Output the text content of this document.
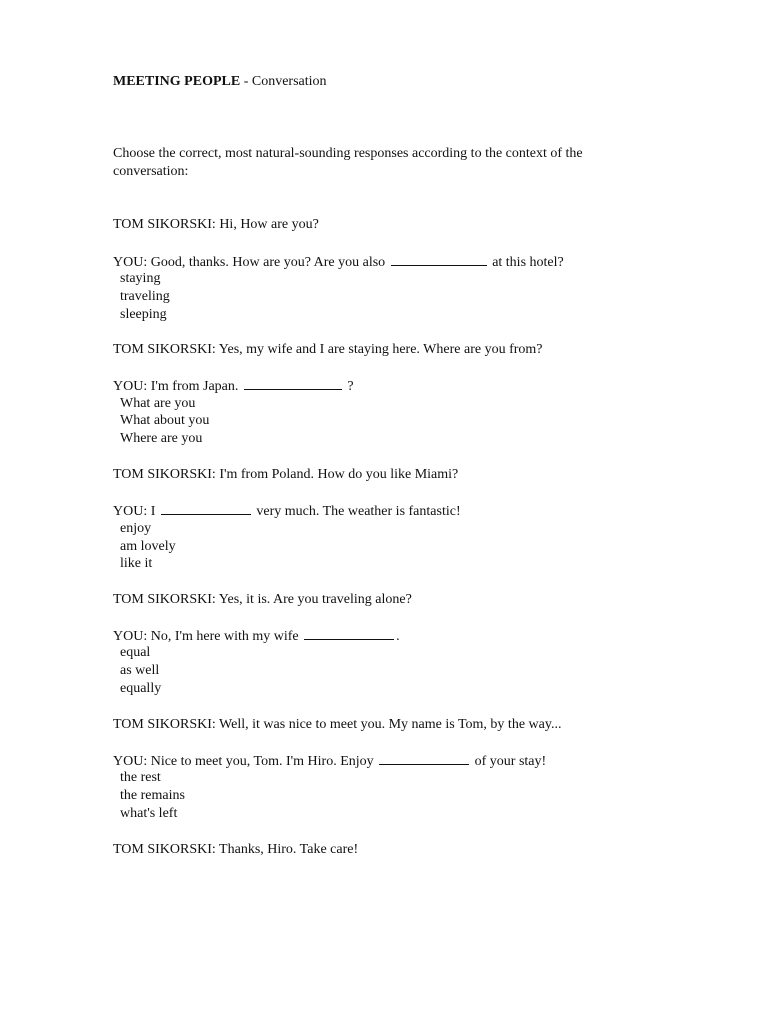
MEETING PEOPLE - Conversation
Choose the correct, most natural-sounding responses according to the context of the conversation:
TOM SIKORSKI: Hi, How are you?
YOU: Good, thanks. How are you? Are you also	at this hotel?
staying
traveling
sleeping
TOM SIKORSKI: Yes, my wife and I are staying here. Where are you from?
YOU: I'm from Japan.	?
What are you
What about you
Where are you
TOM SIKORSKI: I'm from Poland. How do you like Miami?
YOU: I	very much. The weather is fantastic!
enjoy
am lovely
like it
TOM SIKORSKI: Yes, it is. Are you traveling alone?
YOU: No, I'm here with my wife	.
equal
as well
equally
TOM SIKORSKI: Well, it was nice to meet you. My name is Tom, by the way...
YOU: Nice to meet you, Tom. I'm Hiro. Enjoy	of your stay!
the rest
the remains
what's left
TOM SIKORSKI: Thanks, Hiro. Take care!
